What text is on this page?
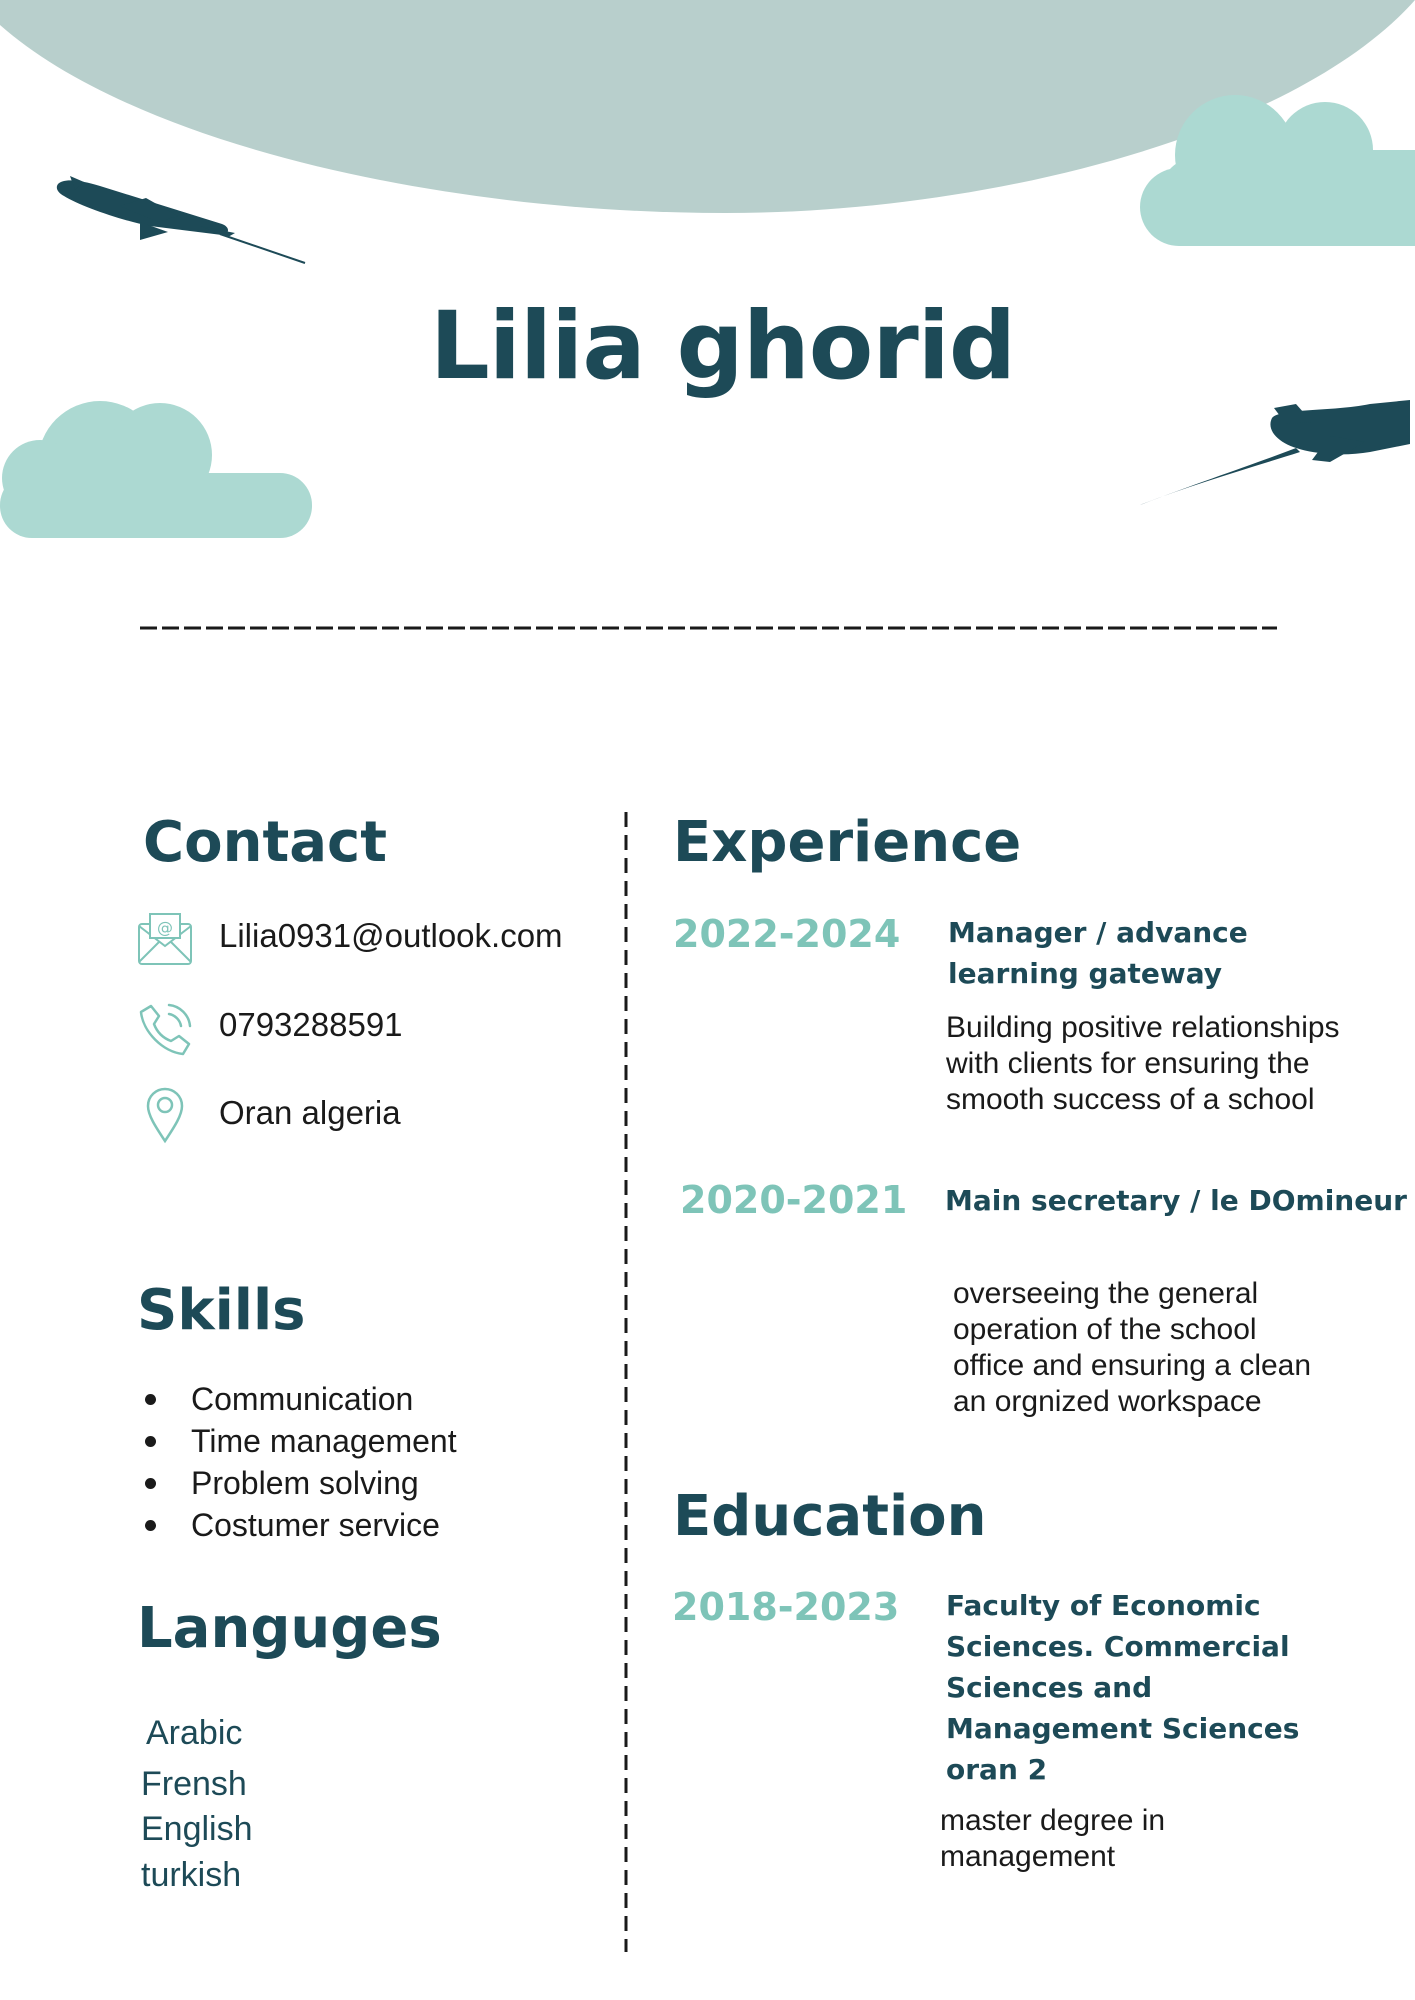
Lilia ghorid
Contact
@ Lilia0931@outlook.com
0793288591
Oran algeria
Skills
Communication
Time management
Problem solving
Costumer service
Languges
Arabic
Frensh
English
turkish
Experience
2022-2024 Manager / advance learning gateway
Building positive relationships with clients for ensuring the smooth success of a school
2020-2021 Main secretary / le DOmineur
overseeing the general operation of the school office and ensuring a clean an orgnized workspace
Education
2018-2023 Faculty of Economic Sciences. Commercial Sciences and Management Sciences oran 2
master degree in management
